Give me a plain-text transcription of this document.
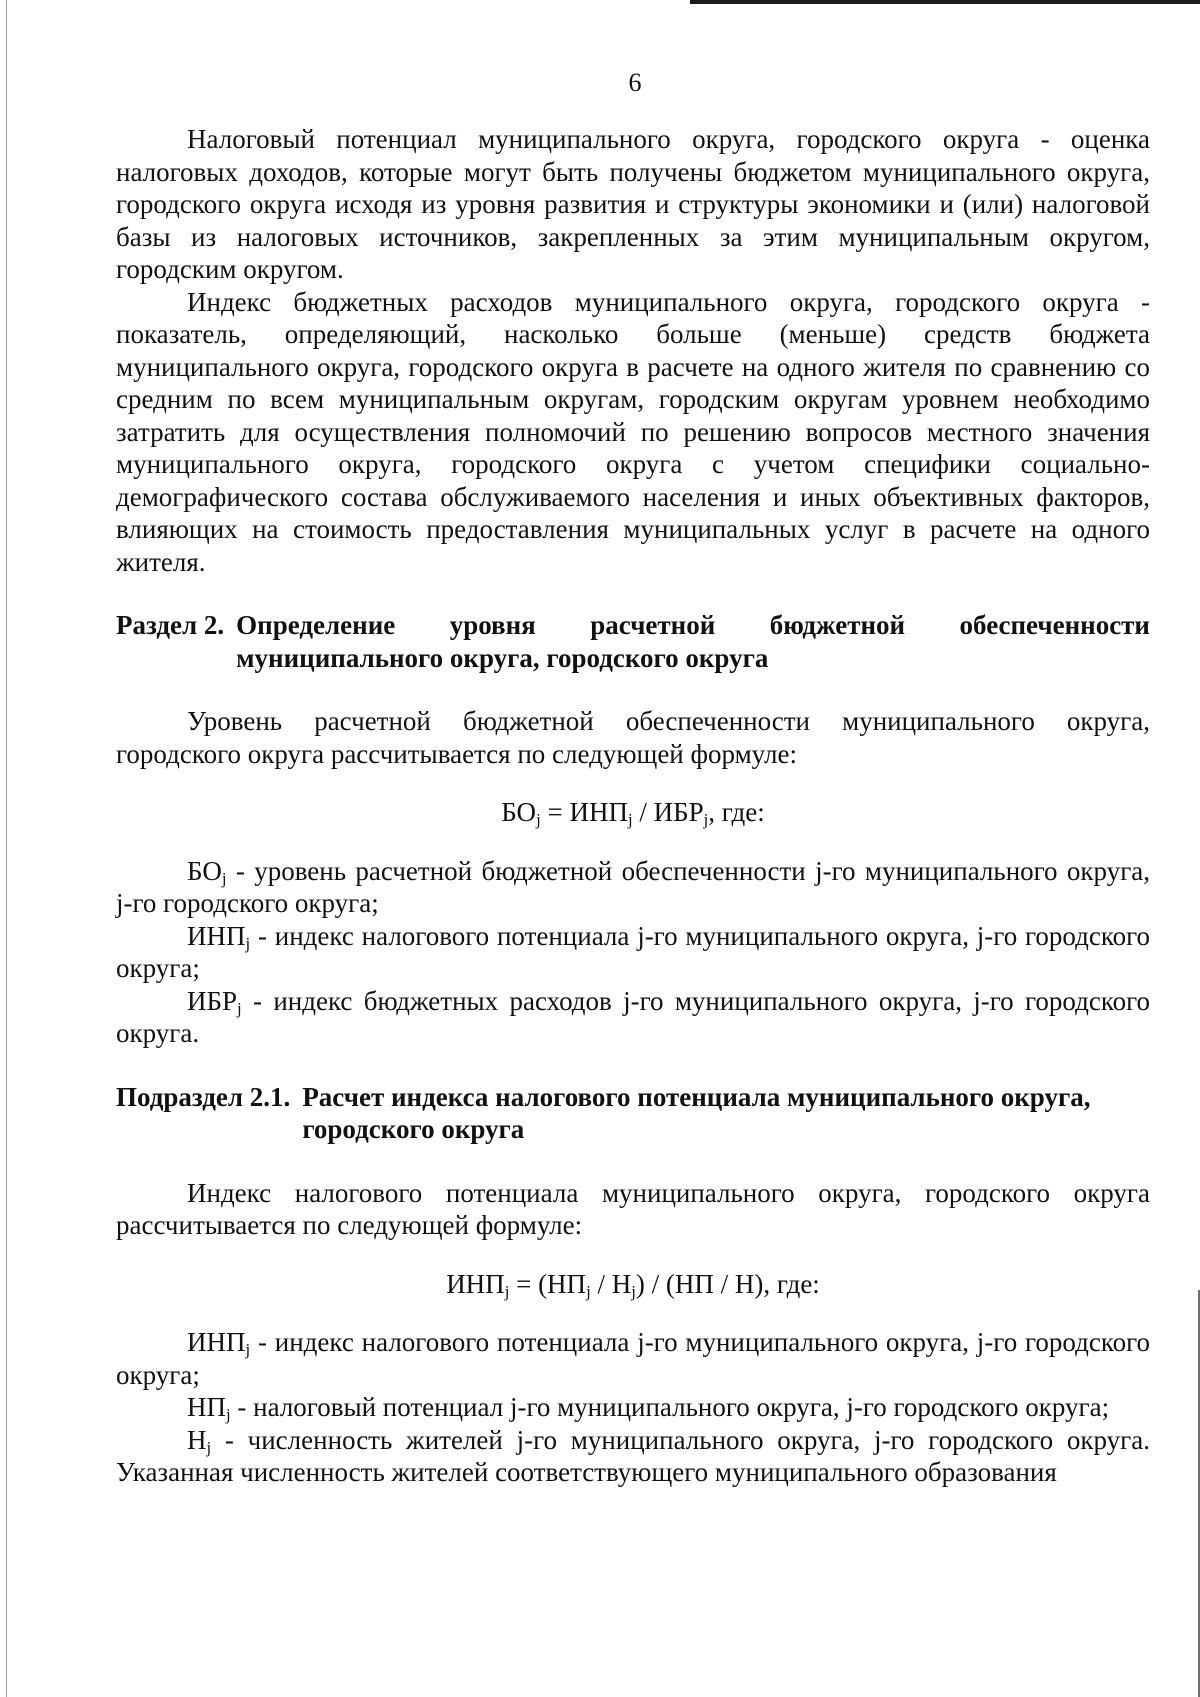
6

Налоговый потенциал муниципального округа, городского округа - оценка налоговых доходов, которые могут быть получены бюджетом муниципального округа, городского округа исходя из уровня развития и структуры экономики и (или) налоговой базы из налоговых источников, закрепленных за этим муниципальным округом, городским округом.

Индекс бюджетных расходов муниципального округа, городского округа - показатель, определяющий, насколько больше (меньше) средств бюджета муниципального округа, городского округа в расчете на одного жителя по сравнению со средним по всем муниципальным округам, городским округам уровнем необходимо затратить для осуществления полномочий по решению вопросов местного значения муниципального округа, городского округа с учетом специфики социально-демографического состава обслуживаемого населения и иных объективных факторов, влияющих на стоимость предоставления муниципальных услуг в расчете на одного жителя.

Раздел 2. Определение уровня расчетной бюджетной обеспеченности
муниципального округа, городского округа

Уровень расчетной бюджетной обеспеченности муниципального округа, городского округа рассчитывается по следующей формуле:

$БО_j = ИНП_j / ИБР_j$, где:

$БО_j$ - уровень расчетной бюджетной обеспеченности j-го муниципального округа, j-го городского округа;

$ИНП_j$ - индекс налогового потенциала j-го муниципального округа, j-го городского округа;

$ИБР_j$ - индекс бюджетных расходов j-го муниципального округа, j-го городского округа.

Подраздел 2.1. Расчет индекса налогового потенциала муниципального округа,
городского округа

Индекс налогового потенциала муниципального округа, городского округа рассчитывается по следующей формуле:

$ИНП_j = (НП_j / Н_j) / (НП / Н)$, где:

$ИНП_j$ - индекс налогового потенциала j-го муниципального округа, j-го городского округа;

$НП_j$ - налоговый потенциал j-го муниципального округа, j-го городского округа;

$Н_j$ - численность жителей j-го муниципального округа, j-го городского округа. Указанная численность жителей соответствующего муниципального образования
